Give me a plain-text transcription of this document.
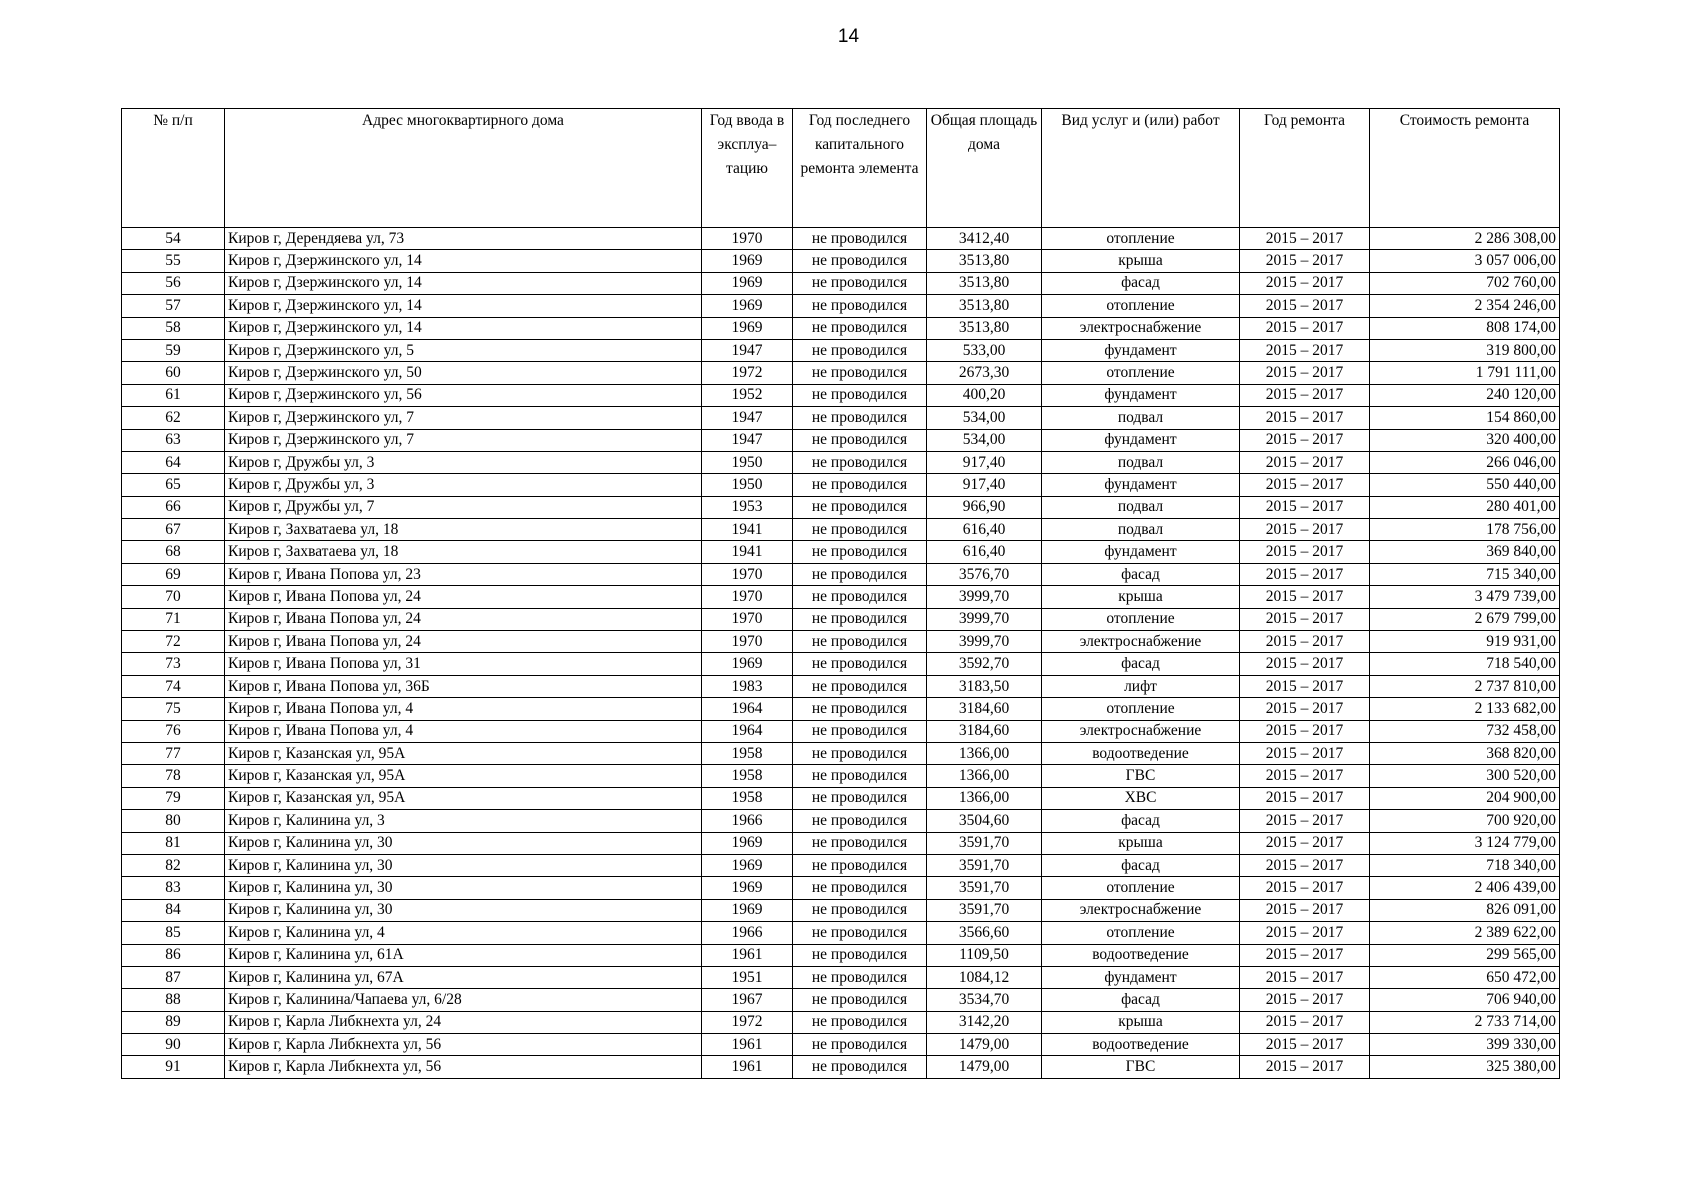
14
№ п/п	Адрес многоквартирного дома	Год ввода в эксплуа–тацию	Год последнего капитального ремонта элемента	Общая площадь дома	Вид услуг и (или) работ	Год ремонта	Стоимость ремонта
54	Киров г, Дерендяева ул, 73	1970	не проводился	3412,40	отопление	2015 – 2017	2 286 308,00
55	Киров г, Дзержинского ул, 14	1969	не проводился	3513,80	крыша	2015 – 2017	3 057 006,00
56	Киров г, Дзержинского ул, 14	1969	не проводился	3513,80	фасад	2015 – 2017	702 760,00
57	Киров г, Дзержинского ул, 14	1969	не проводился	3513,80	отопление	2015 – 2017	2 354 246,00
58	Киров г, Дзержинского ул, 14	1969	не проводился	3513,80	электроснабжение	2015 – 2017	808 174,00
59	Киров г, Дзержинского ул, 5	1947	не проводился	533,00	фундамент	2015 – 2017	319 800,00
60	Киров г, Дзержинского ул, 50	1972	не проводился	2673,30	отопление	2015 – 2017	1 791 111,00
61	Киров г, Дзержинского ул, 56	1952	не проводился	400,20	фундамент	2015 – 2017	240 120,00
62	Киров г, Дзержинского ул, 7	1947	не проводился	534,00	подвал	2015 – 2017	154 860,00
63	Киров г, Дзержинского ул, 7	1947	не проводился	534,00	фундамент	2015 – 2017	320 400,00
64	Киров г, Дружбы ул, 3	1950	не проводился	917,40	подвал	2015 – 2017	266 046,00
65	Киров г, Дружбы ул, 3	1950	не проводился	917,40	фундамент	2015 – 2017	550 440,00
66	Киров г, Дружбы ул, 7	1953	не проводился	966,90	подвал	2015 – 2017	280 401,00
67	Киров г, Захватаева ул, 18	1941	не проводился	616,40	подвал	2015 – 2017	178 756,00
68	Киров г, Захватаева ул, 18	1941	не проводился	616,40	фундамент	2015 – 2017	369 840,00
69	Киров г, Ивана Попова ул, 23	1970	не проводился	3576,70	фасад	2015 – 2017	715 340,00
70	Киров г, Ивана Попова ул, 24	1970	не проводился	3999,70	крыша	2015 – 2017	3 479 739,00
71	Киров г, Ивана Попова ул, 24	1970	не проводился	3999,70	отопление	2015 – 2017	2 679 799,00
72	Киров г, Ивана Попова ул, 24	1970	не проводился	3999,70	электроснабжение	2015 – 2017	919 931,00
73	Киров г, Ивана Попова ул, 31	1969	не проводился	3592,70	фасад	2015 – 2017	718 540,00
74	Киров г, Ивана Попова ул, 36Б	1983	не проводился	3183,50	лифт	2015 – 2017	2 737 810,00
75	Киров г, Ивана Попова ул, 4	1964	не проводился	3184,60	отопление	2015 – 2017	2 133 682,00
76	Киров г, Ивана Попова ул, 4	1964	не проводился	3184,60	электроснабжение	2015 – 2017	732 458,00
77	Киров г, Казанская ул, 95А	1958	не проводился	1366,00	водоотведение	2015 – 2017	368 820,00
78	Киров г, Казанская ул, 95А	1958	не проводился	1366,00	ГВС	2015 – 2017	300 520,00
79	Киров г, Казанская ул, 95А	1958	не проводился	1366,00	ХВС	2015 – 2017	204 900,00
80	Киров г, Калинина ул, 3	1966	не проводился	3504,60	фасад	2015 – 2017	700 920,00
81	Киров г, Калинина ул, 30	1969	не проводился	3591,70	крыша	2015 – 2017	3 124 779,00
82	Киров г, Калинина ул, 30	1969	не проводился	3591,70	фасад	2015 – 2017	718 340,00
83	Киров г, Калинина ул, 30	1969	не проводился	3591,70	отопление	2015 – 2017	2 406 439,00
84	Киров г, Калинина ул, 30	1969	не проводился	3591,70	электроснабжение	2015 – 2017	826 091,00
85	Киров г, Калинина ул, 4	1966	не проводился	3566,60	отопление	2015 – 2017	2 389 622,00
86	Киров г, Калинина ул, 61А	1961	не проводился	1109,50	водоотведение	2015 – 2017	299 565,00
87	Киров г, Калинина ул, 67А	1951	не проводился	1084,12	фундамент	2015 – 2017	650 472,00
88	Киров г, Калинина/Чапаева ул, 6/28	1967	не проводился	3534,70	фасад	2015 – 2017	706 940,00
89	Киров г, Карла Либкнехта ул, 24	1972	не проводился	3142,20	крыша	2015 – 2017	2 733 714,00
90	Киров г, Карла Либкнехта ул, 56	1961	не проводился	1479,00	водоотведение	2015 – 2017	399 330,00
91	Киров г, Карла Либкнехта ул, 56	1961	не проводился	1479,00	ГВС	2015 – 2017	325 380,00
